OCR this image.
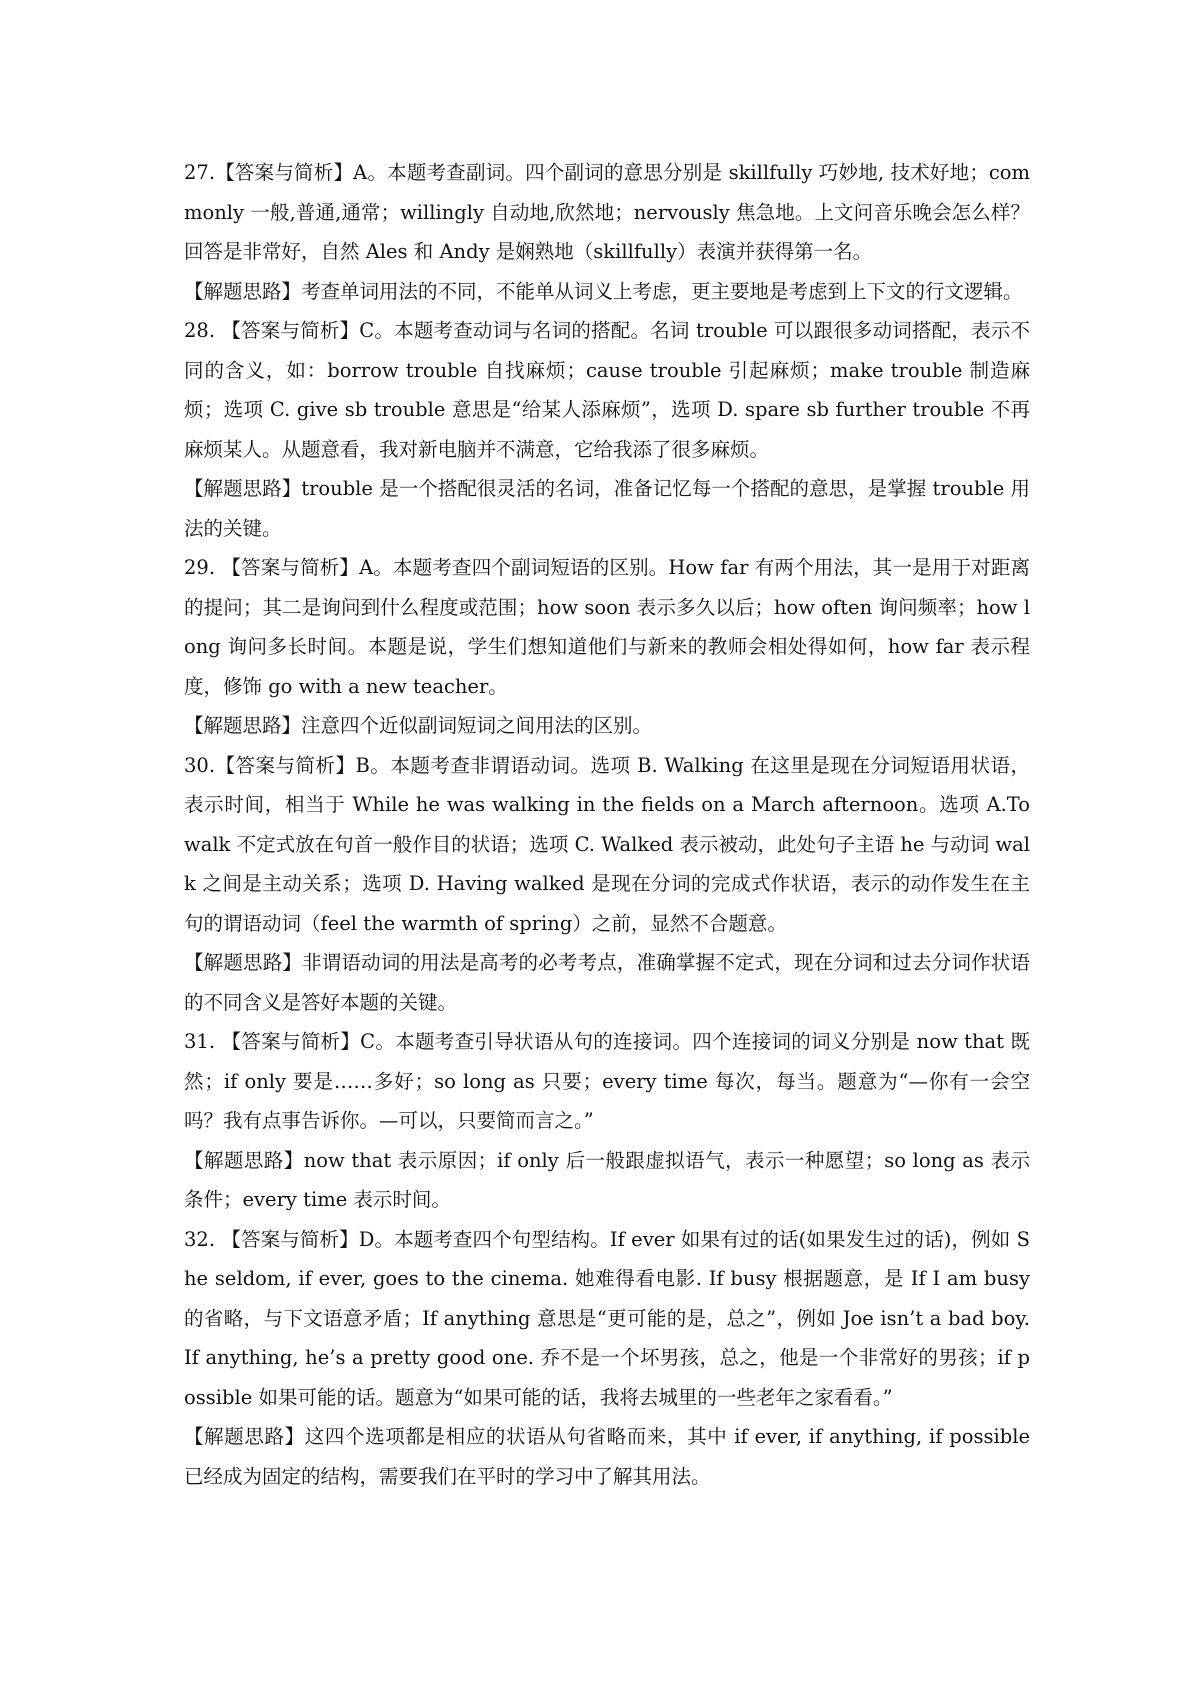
27.【答案与简析】A。本题考查副词。四个副词的意思分别是 skillfully 巧妙地, 技术好地；commonly 一般,普通,通常；willingly 自动地,欣然地；nervously 焦急地。上文问音乐晚会怎么样？回答是非常好，自然 Ales 和 Andy 是娴熟地（skillfully）表演并获得第一名。

【解题思路】考查单词用法的不同，不能单从词义上考虑，更主要地是考虑到上下文的行文逻辑。

28. 【答案与简析】C。本题考查动词与名词的搭配。名词 trouble 可以跟很多动词搭配，表示不同的含义，如：borrow trouble 自找麻烦；cause trouble 引起麻烦；make trouble 制造麻烦；选项 C. give sb trouble 意思是“给某人添麻烦”，选项 D. spare sb further trouble 不再麻烦某人。从题意看，我对新电脑并不满意，它给我添了很多麻烦。

【解题思路】trouble 是一个搭配很灵活的名词，准备记忆每一个搭配的意思，是掌握 trouble 用法的关键。

29. 【答案与简析】A。本题考查四个副词短语的区别。How far 有两个用法，其一是用于对距离的提问；其二是询问到什么程度或范围；how soon 表示多久以后；how often 询问频率；how long 询问多长时间。本题是说，学生们想知道他们与新来的教师会相处得如何，how far 表示程度，修饰 go with a new teacher。

【解题思路】注意四个近似副词短词之间用法的区别。

30.【答案与简析】B。本题考查非谓语动词。选项 B. Walking 在这里是现在分词短语用状语，表示时间，相当于 While he was walking in the fields on a March afternoon。选项 A.To walk 不定式放在句首一般作目的状语；选项 C. Walked 表示被动，此处句子主语 he 与动词 walk 之间是主动关系；选项 D. Having walked 是现在分词的完成式作状语，表示的动作发生在主句的谓语动词（feel the warmth of spring）之前，显然不合题意。

【解题思路】非谓语动词的用法是高考的必考考点，准确掌握不定式，现在分词和过去分词作状语的不同含义是答好本题的关键。

31. 【答案与简析】C。本题考查引导状语从句的连接词。四个连接词的词义分别是 now that 既然；if only 要是……多好；so long as 只要；every time 每次，每当。题意为“—你有一会空吗？我有点事告诉你。—可以，只要简而言之。”

【解题思路】now that 表示原因；if only 后一般跟虚拟语气，表示一种愿望；so long as 表示条件；every time 表示时间。

32. 【答案与简析】D。本题考查四个句型结构。If ever 如果有过的话(如果发生过的话)，例如 She seldom, if ever, goes to the cinema. 她难得看电影. If busy 根据题意，是 If I am busy 的省略，与下文语意矛盾；If anything 意思是“更可能的是，总之”，例如 Joe isn’t a bad boy. If anything, he’s a pretty good one. 乔不是一个坏男孩，总之，他是一个非常好的男孩；if possible 如果可能的话。题意为“如果可能的话，我将去城里的一些老年之家看看。”

【解题思路】这四个选项都是相应的状语从句省略而来，其中 if ever, if anything, if possible 已经成为固定的结构，需要我们在平时的学习中了解其用法。
